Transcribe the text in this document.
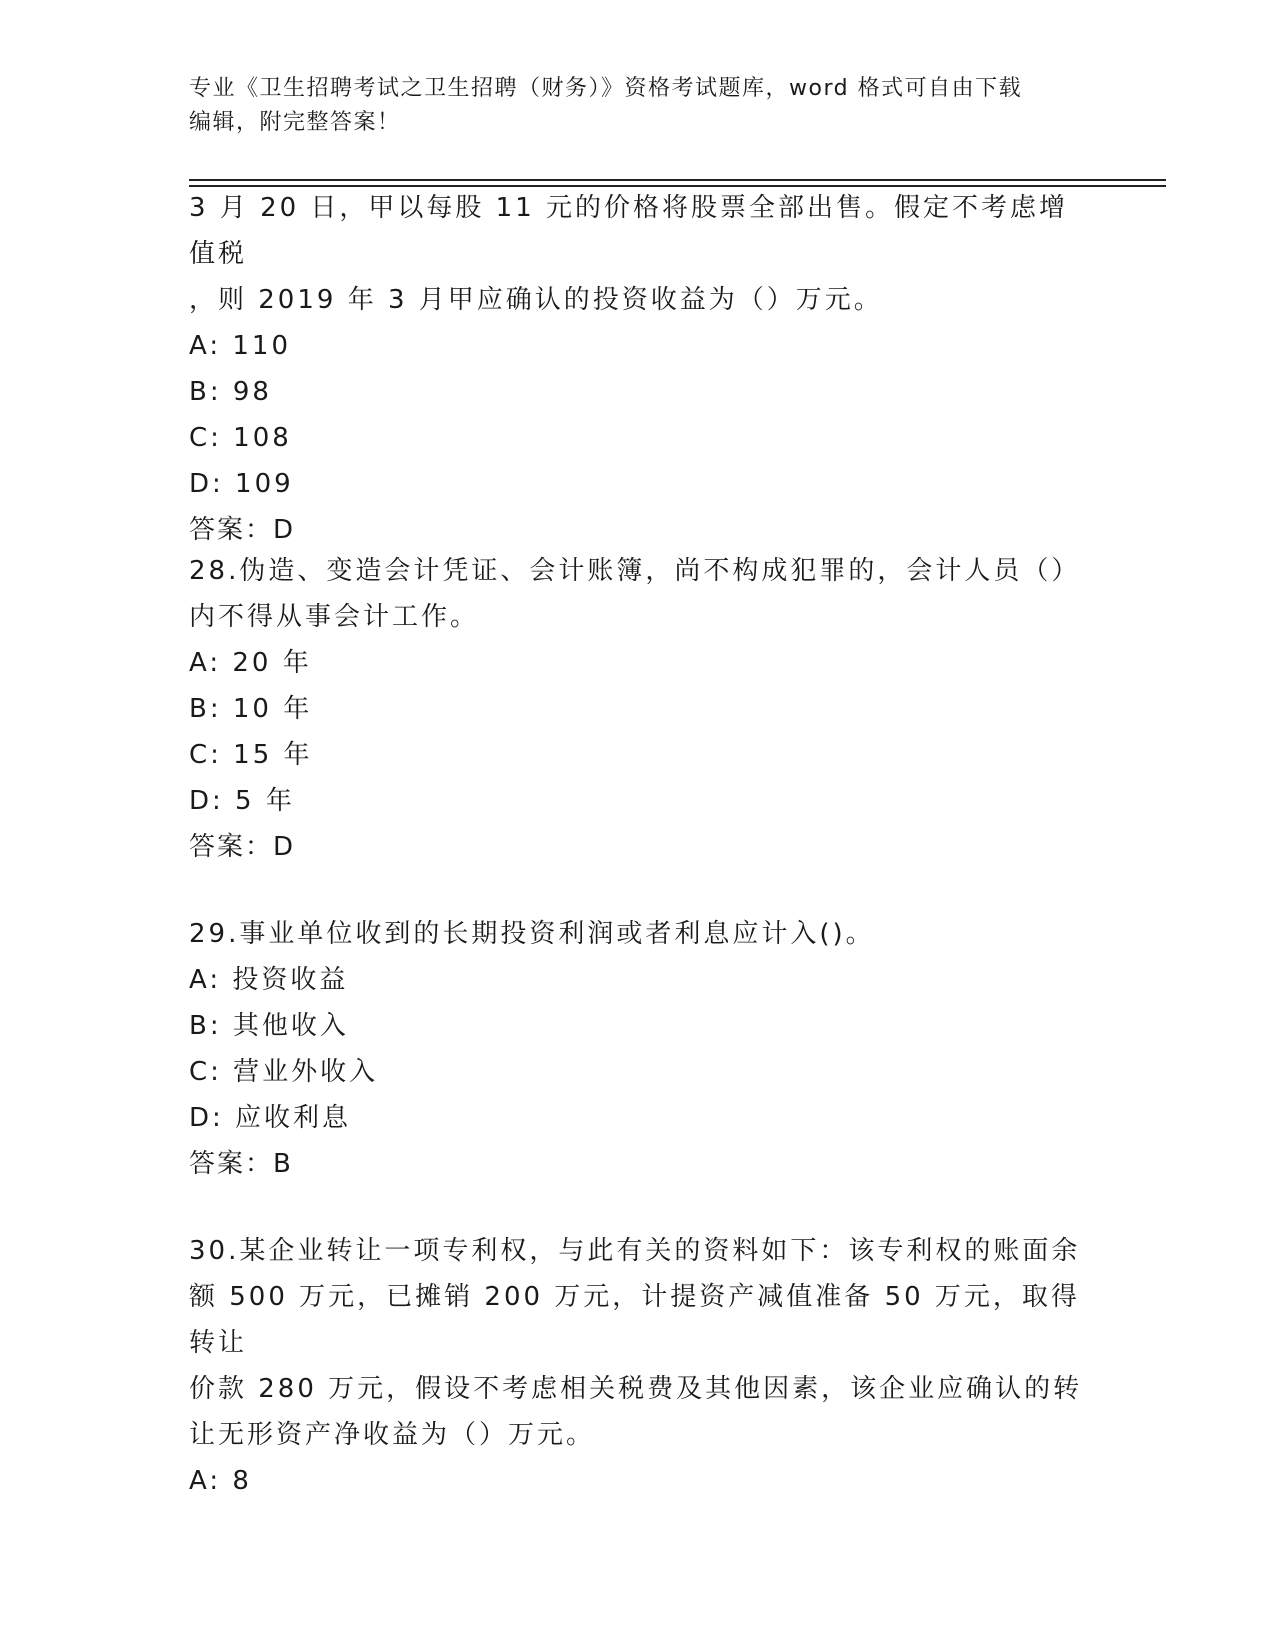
专业《卫生招聘考试之卫生招聘（财务）》资格考试题库，word 格式可自由下载
编辑，附完整答案！

3 月 20 日，甲以每股 11 元的价格将股票全部出售。假定不考虑增值税

，则 2019 年 3 月甲应确认的投资收益为（）万元。

A: 110

B: 98

C: 108

D: 109

答案：D

28.伪造、变造会计凭证、会计账簿，尚不构成犯罪的，会计人员（）

内不得从事会计工作。

A: 20 年

B: 10 年

C: 15 年

D: 5 年

答案：D

29.事业单位收到的长期投资利润或者利息应计入()。

A: 投资收益

B: 其他收入

C: 营业外收入

D: 应收利息

答案：B

30.某企业转让一项专利权，与此有关的资料如下：该专利权的账面余

额 500 万元，已摊销 200 万元，计提资产减值准备 50 万元，取得转让

价款 280 万元，假设不考虑相关税费及其他因素，该企业应确认的转

让无形资产净收益为（）万元。

A: 8
